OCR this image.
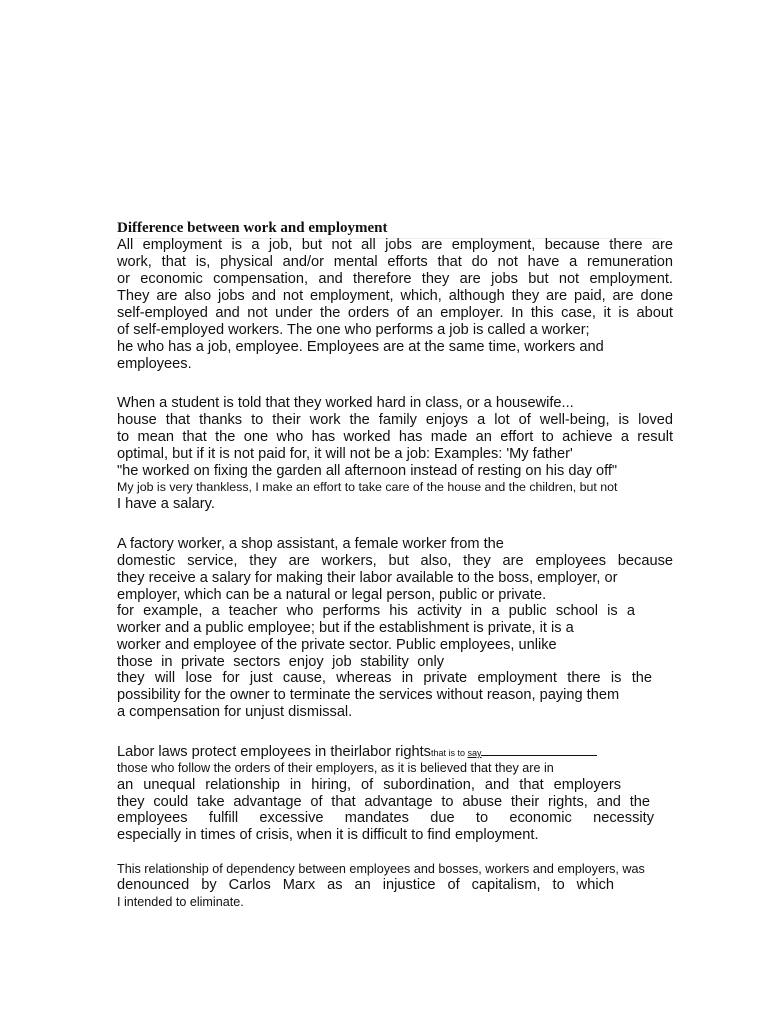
Difference between work and employment

All employment is a job, but not all jobs are employment, because there are

work, that is, physical and/or mental efforts that do not have a remuneration

or economic compensation, and therefore they are jobs but not employment.

They are also jobs and not employment, which, although they are paid, are done

self-employed and not under the orders of an employer. In this case, it is about

of self-employed workers. The one who performs a job is called a worker;

he who has a job, employee. Employees are at the same time, workers and

employees.

When a student is told that they worked hard in class, or a housewife...

house that thanks to their work the family enjoys a lot of well-being, is loved

to mean that the one who has worked has made an effort to achieve a result

optimal, but if it is not paid for, it will not be a job: Examples: 'My father'

"he worked on fixing the garden all afternoon instead of resting on his day off"

My job is very thankless, I make an effort to take care of the house and the children, but not

I have a salary.

A factory worker, a shop assistant, a female worker from the

domestic service, they are workers, but also, they are employees because

they receive a salary for making their labor available to the boss, employer, or

employer, which can be a natural or legal person, public or private.

for example, a teacher who performs his activity in a public school is a

worker and a public employee; but if the establishment is private, it is a

worker and employee of the private sector. Public employees, unlike

those in private sectors enjoy job stability only

they will lose for just cause, whereas in private employment there is the

possibility for the owner to terminate the services without reason, paying them

a compensation for unjust dismissal.

Labor laws protect employees in theirlabor rightsthat is to say

those who follow the orders of their employers, as it is believed that they are in

an unequal relationship in hiring, of subordination, and that employers

they could take advantage of that advantage to abuse their rights, and the

employees fulfill excessive mandates due to economic necessity

especially in times of crisis, when it is difficult to find employment.

This relationship of dependency between employees and bosses, workers and employers, was

denounced by Carlos Marx as an injustice of capitalism, to which

I intended to eliminate.
